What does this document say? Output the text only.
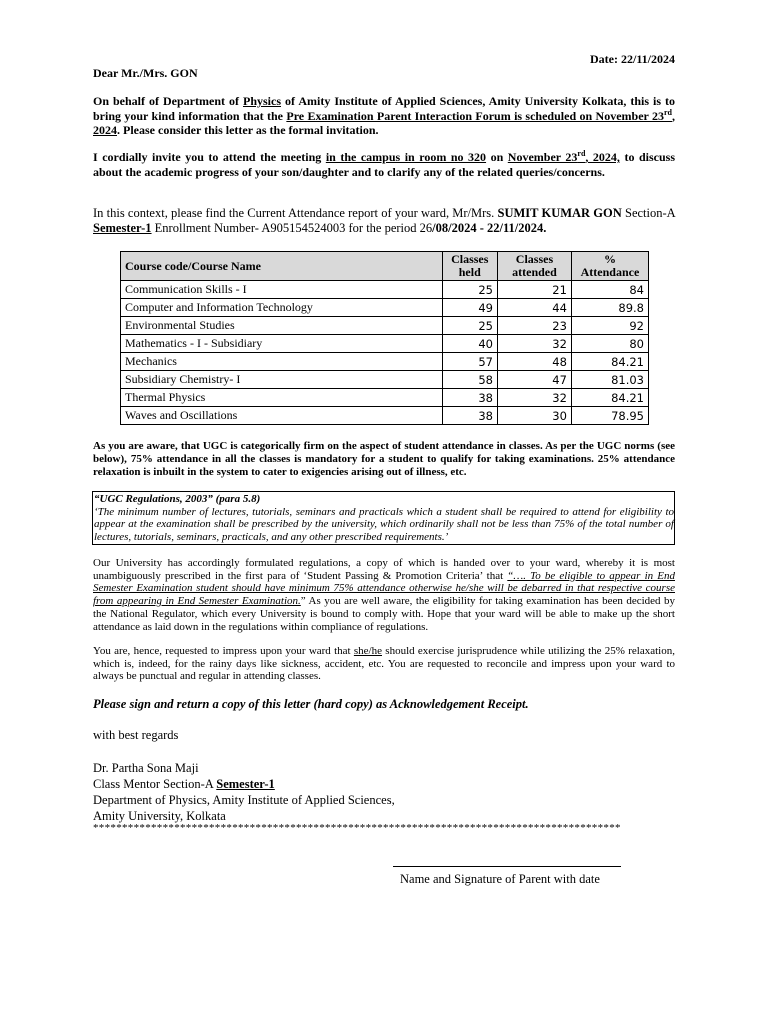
Date: 22/11/2024
Dear Mr./Mrs. GON
On behalf of Department of Physics of Amity Institute of Applied Sciences, Amity University Kolkata, this is to bring your kind information that the Pre Examination Parent Interaction Forum is scheduled on November 23rd, 2024. Please consider this letter as the formal invitation.
I cordially invite you to attend the meeting in the campus in room no 320 on November 23rd, 2024, to discuss about the academic progress of your son/daughter and to clarify any of the related queries/concerns.
In this context, please find the Current Attendance report of your ward, Mr/Mrs. SUMIT KUMAR GON Section-A Semester-1 Enrollment Number- A905154524003 for the period 26/08/2024 - 22/11/2024.
Course code/Course Name	Classes held	Classes attended	% Attendance
Communication Skills - I	25	21	84
Computer and Information Technology	49	44	89.8
Environmental Studies	25	23	92
Mathematics - I - Subsidiary	40	32	80
Mechanics	57	48	84.21
Subsidiary Chemistry- I	58	47	81.03
Thermal Physics	38	32	84.21
Waves and Oscillations	38	30	78.95
As you are aware, that UGC is categorically firm on the aspect of student attendance in classes. As per the UGC norms (see below), 75% attendance in all the classes is mandatory for a student to qualify for taking examinations. 25% attendance relaxation is inbuilt in the system to cater to exigencies arising out of illness, etc.
“UGC Regulations, 2003” (para 5.8)
‘The minimum number of lectures, tutorials, seminars and practicals which a student shall be required to attend for eligibility to appear at the examination shall be prescribed by the university, which ordinarily shall not be less than 75% of the total number of lectures, tutorials, seminars, practicals, and any other prescribed requirements.’
Our University has accordingly formulated regulations, a copy of which is handed over to your ward, whereby it is most unambiguously prescribed in the first para of ‘Student Passing & Promotion Criteria’ that “…. To be eligible to appear in End Semester Examination student should have minimum 75% attendance otherwise he/she will be debarred in that respective course from appearing in End Semester Examination.” As you are well aware, the eligibility for taking examination has been decided by the National Regulator, which every University is bound to comply with. Hope that your ward will be able to make up the short attendance as laid down in the regulations within compliance of regulations.
You are, hence, requested to impress upon your ward that she/he should exercise jurisprudence while utilizing the 25% relaxation, which is, indeed, for the rainy days like sickness, accident, etc. You are requested to reconcile and impress upon your ward to always be punctual and regular in attending classes.
Please sign and return a copy of this letter (hard copy) as Acknowledgement Receipt.
with best regards
Dr. Partha Sona Maji
Class Mentor Section-A Semester-1
Department of Physics, Amity Institute of Applied Sciences,
Amity University, Kolkata
*******************************************************************************************
Name and Signature of Parent with date
